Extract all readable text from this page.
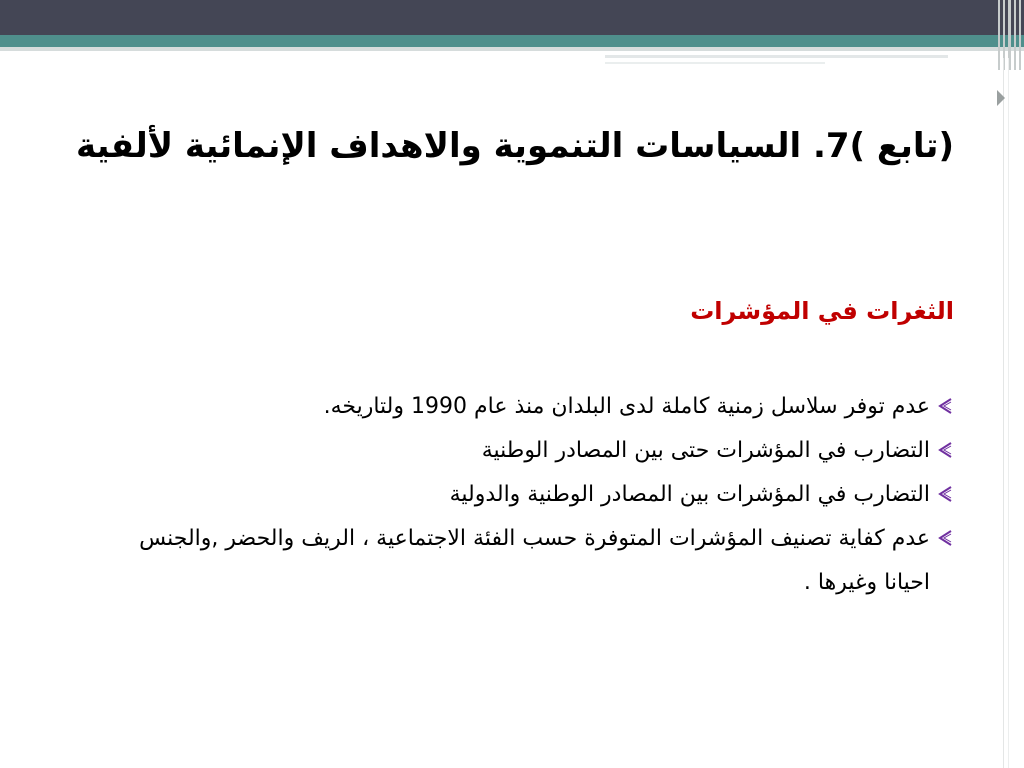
(تابع )7. السياسات التنموية والاهداف الإنمائية لألفية
الثغرات في المؤشرات
عدم توفر سلاسل زمنية كاملة لدى البلدان منذ عام 1990 ولتاريخه.
التضارب في المؤشرات حتى بين المصادر الوطنية
التضارب في المؤشرات بين المصادر الوطنية والدولية
عدم كفاية تصنيف المؤشرات المتوفرة حسب الفئة الاجتماعية ، الريف والحضر ,والجنس احيانا وغيرها .
